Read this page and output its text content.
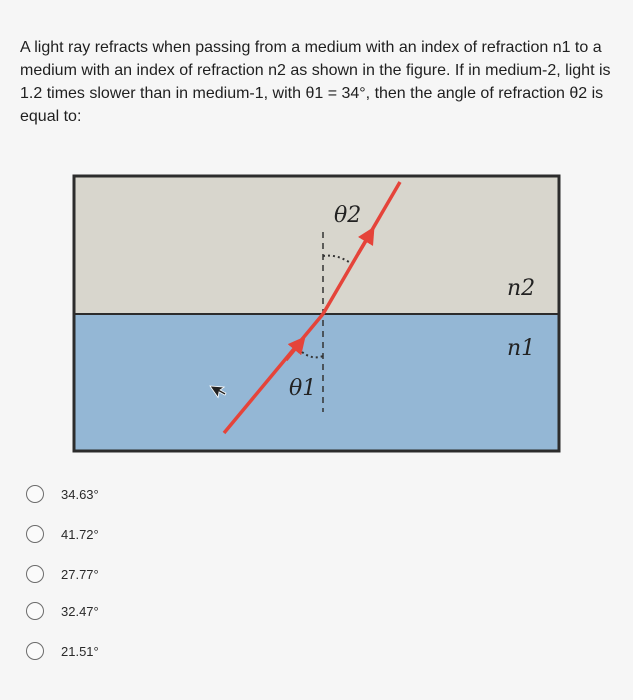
A light ray refracts when passing from a medium with an index of refraction n1 to a medium with an index of refraction n2 as shown in the figure. If in medium-2, light is 1.2 times slower than in medium-1, with θ1 = 34°, then the angle of refraction θ2 is equal to:

θ2
θ1
n2
n1
34.63°
41.72°
27.77°
32.47°
21.51°
